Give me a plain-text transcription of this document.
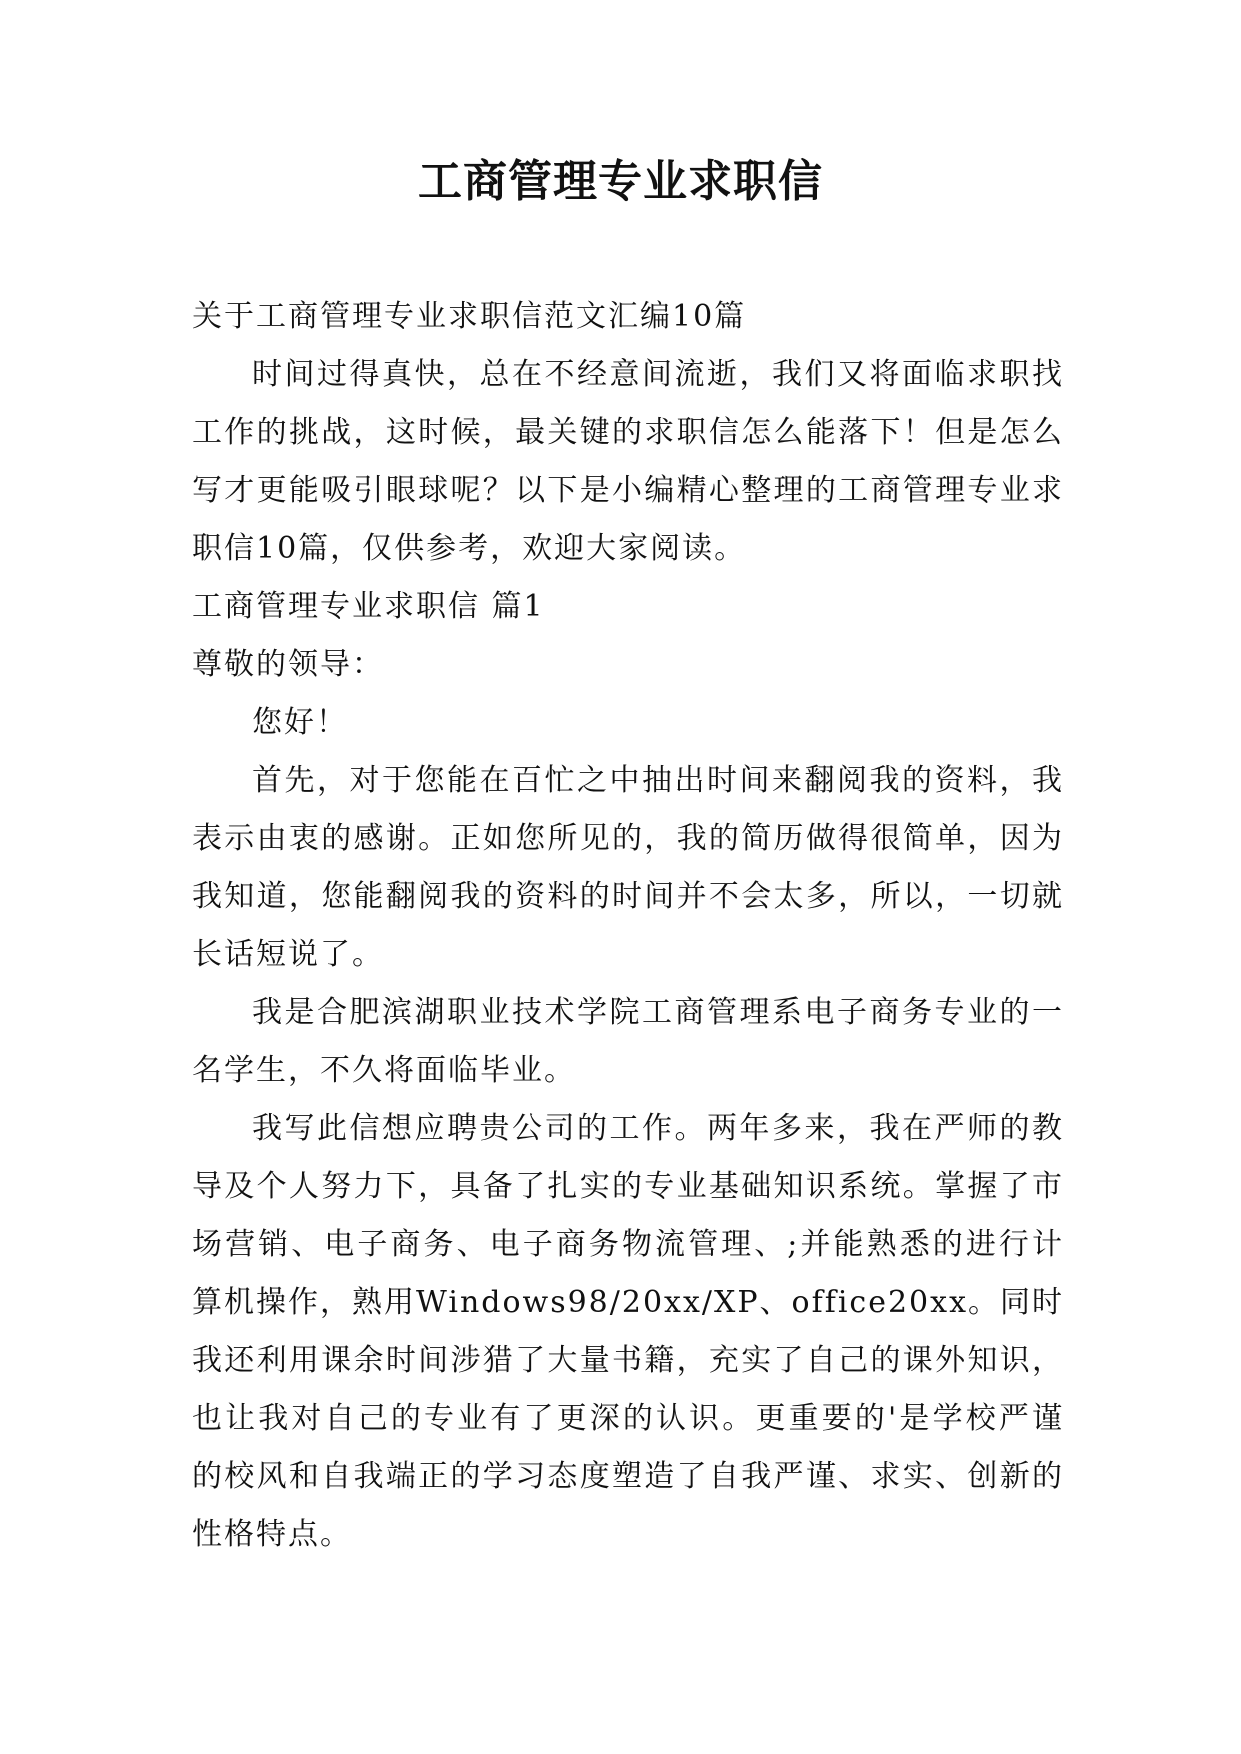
工商管理专业求职信

关于工商管理专业求职信范文汇编10篇

时间过得真快，总在不经意间流逝，我们又将面临求职找工作的挑战，这时候，最关键的求职信怎么能落下！但是怎么写才更能吸引眼球呢？以下是小编精心整理的工商管理专业求职信10篇，仅供参考，欢迎大家阅读。

工商管理专业求职信 篇1

尊敬的领导：

您好！

首先，对于您能在百忙之中抽出时间来翻阅我的资料，我表示由衷的感谢。正如您所见的，我的简历做得很简单，因为我知道，您能翻阅我的资料的时间并不会太多，所以，一切就长话短说了。

我是合肥滨湖职业技术学院工商管理系电子商务专业的一名学生，不久将面临毕业。

我写此信想应聘贵公司的工作。两年多来，我在严师的教导及个人努力下，具备了扎实的专业基础知识系统。掌握了市场营销、电子商务、电子商务物流管理、;并能熟悉的进行计算机操作，熟用Windows98/20xx/XP、office20xx。同时我还利用课余时间涉猎了大量书籍，充实了自己的课外知识，也让我对自己的专业有了更深的认识。更重要的'是学校严谨的校风和自我端正的学习态度塑造了自我严谨、求实、创新的性格特点。
